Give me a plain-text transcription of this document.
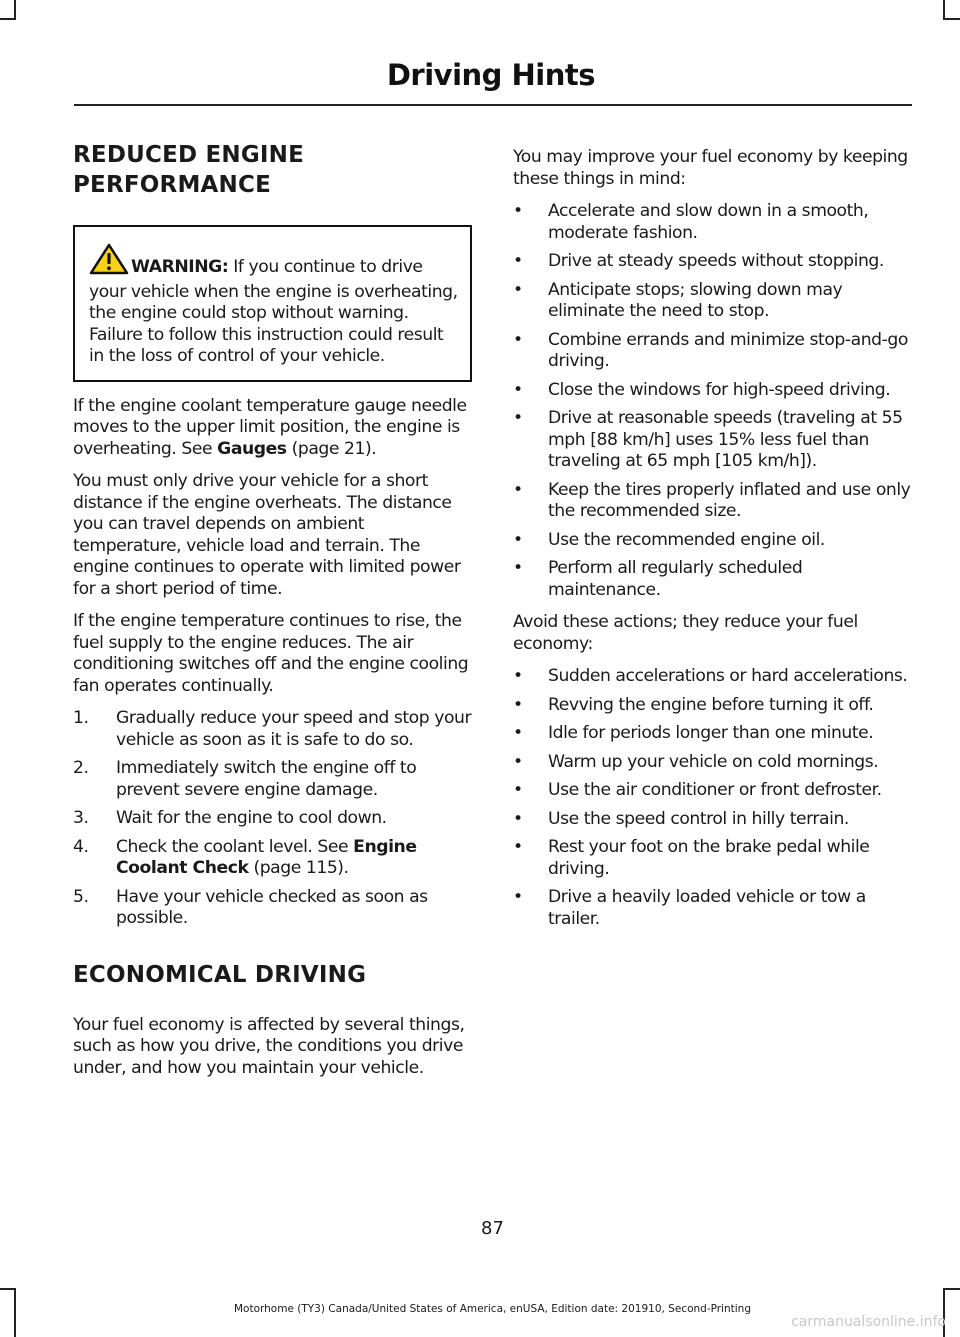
Driving Hints
REDUCED ENGINE
PERFORMANCE
WARNING: If you continue to drive your vehicle when the engine is overheating, the engine could stop without warning. Failure to follow this instruction could result in the loss of control of your vehicle.

If the engine coolant temperature gauge needle moves to the upper limit position, the engine is overheating. See Gauges (page 21).

You must only drive your vehicle for a short distance if the engine overheats. The distance you can travel depends on ambient temperature, vehicle load and terrain. The engine continues to operate with limited power for a short period of time.

If the engine temperature continues to rise, the fuel supply to the engine reduces. The air conditioning switches off and the engine cooling fan operates continually.

1. Gradually reduce your speed and stop your vehicle as soon as it is safe to do so.
2. Immediately switch the engine off to prevent severe engine damage.
3. Wait for the engine to cool down.
4. Check the coolant level. See Engine Coolant Check (page 115).
5. Have your vehicle checked as soon as possible.
ECONOMICAL DRIVING

Your fuel economy is affected by several things, such as how you drive, the conditions you drive under, and how you maintain your vehicle.

You may improve your fuel economy by keeping these things in mind:

• Accelerate and slow down in a smooth, moderate fashion.
• Drive at steady speeds without stopping.
• Anticipate stops; slowing down may eliminate the need to stop.
• Combine errands and minimize stop-and-go driving.
• Close the windows for high-speed driving.
• Drive at reasonable speeds (traveling at 55 mph [88 km/h] uses 15% less fuel than traveling at 65 mph [105 km/h]).
• Keep the tires properly inflated and use only the recommended size.
• Use the recommended engine oil.
• Perform all regularly scheduled maintenance.

Avoid these actions; they reduce your fuel economy:

• Sudden accelerations or hard accelerations.
• Revving the engine before turning it off.
• Idle for periods longer than one minute.
• Warm up your vehicle on cold mornings.
• Use the air conditioner or front defroster.
• Use the speed control in hilly terrain.
• Rest your foot on the brake pedal while driving.
• Drive a heavily loaded vehicle or tow a trailer.
87
Motorhome (TY3) Canada/United States of America, enUSA, Edition date: 201910, Second-Printing
carmanualsonline.info
